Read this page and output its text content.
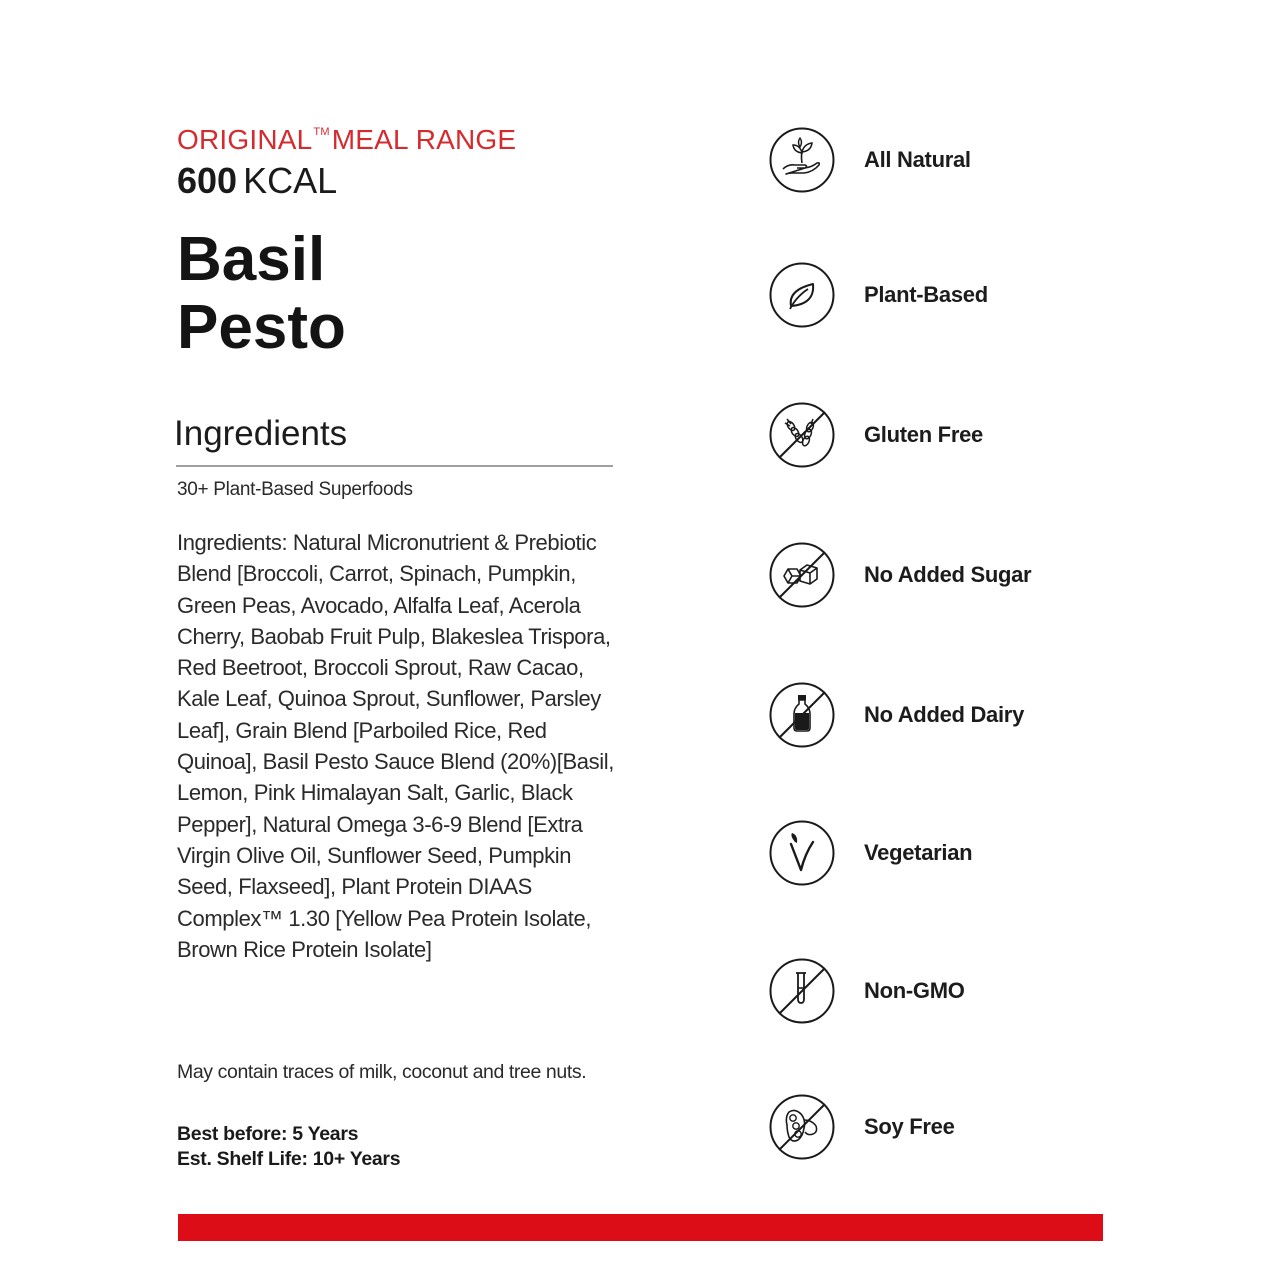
ORIGINAL™MEAL RANGE
600 KCAL
Basil
Pesto
Ingredients
30+ Plant-Based Superfoods
Ingredients: Natural Micronutrient & Prebiotic
Blend [Broccoli, Carrot, Spinach, Pumpkin,
Green Peas, Avocado, Alfalfa Leaf, Acerola
Cherry, Baobab Fruit Pulp, Blakeslea Trispora,
Red Beetroot, Broccoli Sprout, Raw Cacao,
Kale Leaf, Quinoa Sprout, Sunflower, Parsley
Leaf], Grain Blend [Parboiled Rice, Red
Quinoa], Basil Pesto Sauce Blend (20%)[Basil,
Lemon, Pink Himalayan Salt, Garlic, Black
Pepper], Natural Omega 3-6-9 Blend [Extra
Virgin Olive Oil, Sunflower Seed, Pumpkin
Seed, Flaxseed], Plant Protein DIAAS
Complex™ 1.30 [Yellow Pea Protein Isolate,
Brown Rice Protein Isolate]
May contain traces of milk, coconut and tree nuts.
Best before: 5 Years
Est. Shelf Life: 10+ Years
All Natural
Plant-Based
Gluten Free
No Added Sugar
No Added Dairy
Vegetarian
Non-GMO
Soy Free
